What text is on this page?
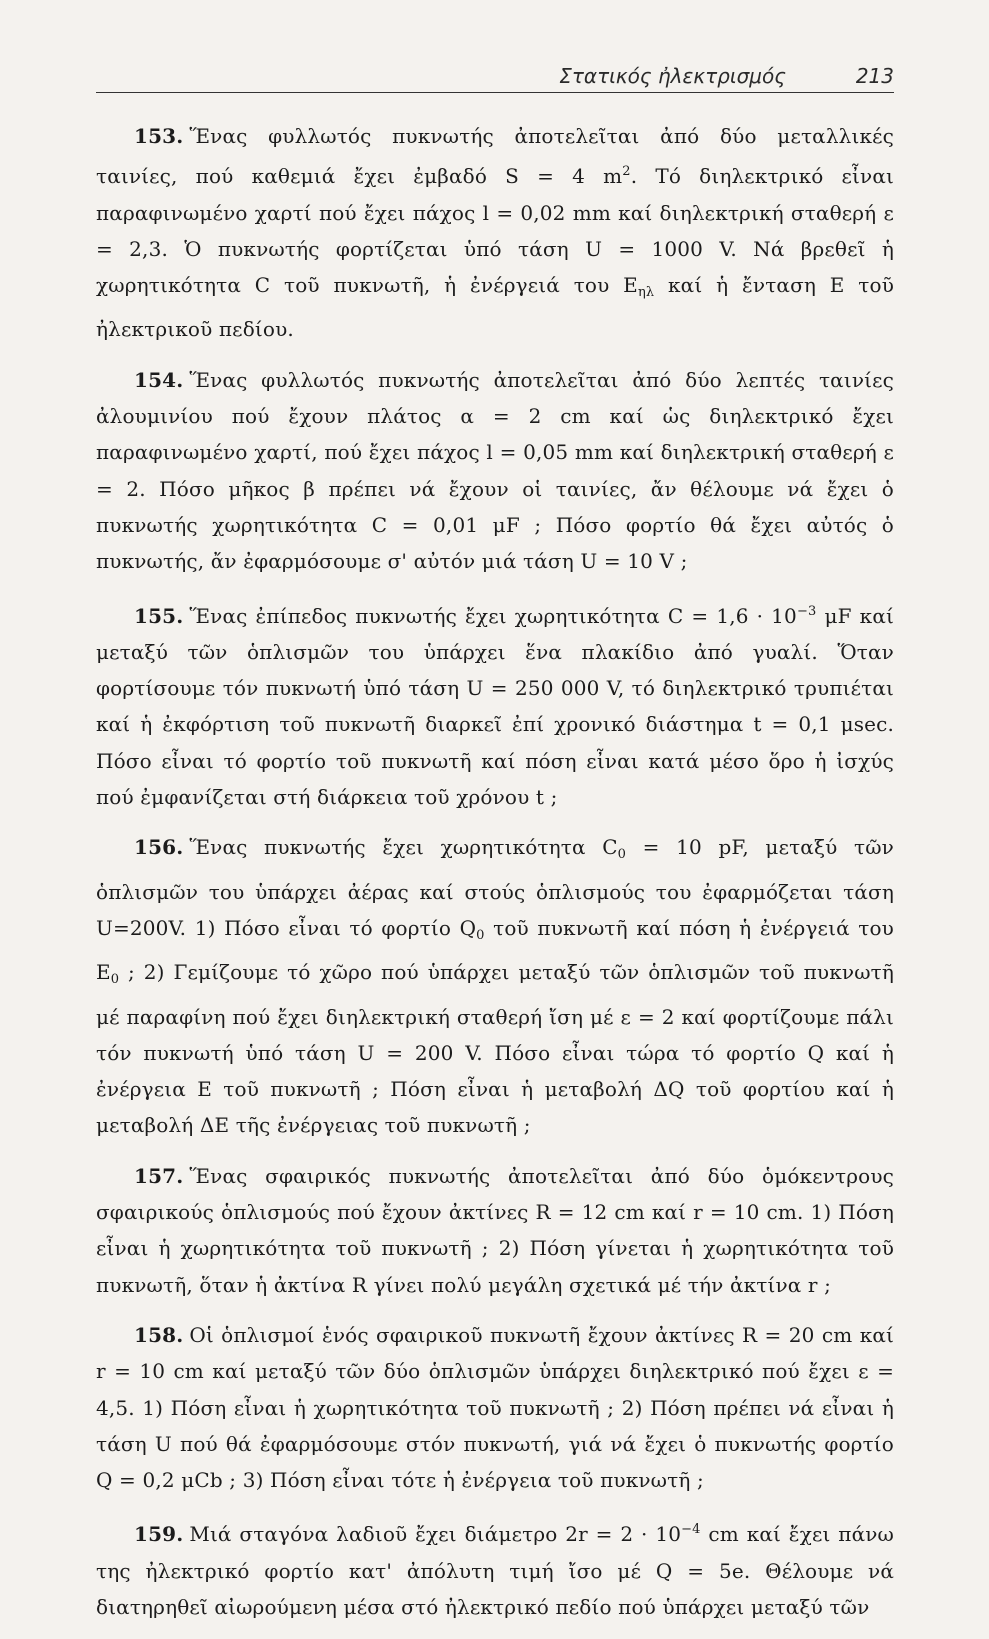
Στατικός ἠλεκτρισμός	213

153. Ἕνας φυλλωτός πυκνωτής ἀποτελεῖται ἀπό δύο μεταλλικές ταινίες, πού καθεμιά ἔχει ἐμβαδό S = 4 $m^2$. Τό διηλεκτρικό εἶναι παραφινωμένο χαρτί πού ἔχει πάχος l = 0,02 mm καί διηλεκτρική σταθερή ε = 2,3. Ὁ πυκνωτής φορτίζεται ὑπό τάση U = 1000 V. Νά βρεθεῖ ἡ χωρητικότητα C τοῦ πυκνωτῆ, ἡ ἐνέργειά του $E_{\eta\lambda}$ καί ἡ ἔνταση E τοῦ ἠλεκτρικοῦ πεδίου.

154. Ἕνας φυλλωτός πυκνωτής ἀποτελεῖται ἀπό δύο λεπτές ταινίες ἀλουμινίου πού ἔχουν πλάτος α = 2 cm καί ὡς διηλεκτρικό ἔχει παραφινωμένο χαρτί, πού ἔχει πάχος l = 0,05 mm καί διηλεκτρική σταθερή ε = 2. Πόσο μῆκος β πρέπει νά ἔχουν οἱ ταινίες, ἄν θέλουμε νά ἔχει ὁ πυκνωτής χωρητικότητα C = 0,01 μF ; Πόσο φορτίο θά ἔχει αὐτός ὁ πυκνωτής, ἄν ἐφαρμόσουμε σ' αὐτόν μιά τάση U = 10 V ;

155. Ἕνας ἐπίπεδος πυκνωτής ἔχει χωρητικότητα $C = 1,6 \cdot 10^{-3}$ μF καί μεταξύ τῶν ὁπλισμῶν του ὑπάρχει ἕνα πλακίδιο ἀπό γυαλί. Ὅταν φορτίσουμε τόν πυκνωτή ὑπό τάση U = 250 000 V, τό διηλεκτρικό τρυπιέται καί ἡ ἐκφόρτιση τοῦ πυκνωτῆ διαρκεῖ ἐπί χρονικό διάστημα t = 0,1 μsec. Πόσο εἶναι τό φορτίο τοῦ πυκνωτῆ καί πόση εἶναι κατά μέσο ὅρο ἡ ἰσχύς πού ἐμφανίζεται στή διάρκεια τοῦ χρόνου t ;

156. Ἕνας πυκνωτής ἔχει χωρητικότητα $C_0 = 10$ pF, μεταξύ τῶν ὁπλισμῶν του ὑπάρχει ἀέρας καί στούς ὁπλισμούς του ἐφαρμόζεται τάση U=200V. 1) Πόσο εἶναι τό φορτίο $Q_0$ τοῦ πυκνωτῆ καί πόση ἡ ἐνέργειά του $E_0$ ; 2) Γεμίζουμε τό χῶρο πού ὑπάρχει μεταξύ τῶν ὁπλισμῶν τοῦ πυκνωτῆ μέ παραφίνη πού ἔχει διηλεκτρική σταθερή ἴση μέ ε = 2 καί φορτίζουμε πάλι τόν πυκνωτή ὑπό τάση U = 200 V. Πόσο εἶναι τώρα τό φορτίο Q καί ἡ ἐνέργεια E τοῦ πυκνωτῆ ; Πόση εἶναι ἡ μεταβολή ΔQ τοῦ φορτίου καί ἡ μεταβολή ΔE τῆς ἐνέργειας τοῦ πυκνωτῆ ;

157. Ἕνας σφαιρικός πυκνωτής ἀποτελεῖται ἀπό δύο ὁμόκεντρους σφαιρικούς ὁπλισμούς πού ἔχουν ἀκτίνες R = 12 cm καί r = 10 cm. 1) Πόση εἶναι ἡ χωρητικότητα τοῦ πυκνωτῆ ; 2) Πόση γίνεται ἡ χωρητικότητα τοῦ πυκνωτῆ, ὅταν ἡ ἀκτίνα R γίνει πολύ μεγάλη σχετικά μέ τήν ἀκτίνα r ;

158. Οἱ ὁπλισμοί ἑνός σφαιρικοῦ πυκνωτῆ ἔχουν ἀκτίνες R = 20 cm καί r = 10 cm καί μεταξύ τῶν δύο ὁπλισμῶν ὑπάρχει διηλεκτρικό πού ἔχει ε = 4,5. 1) Πόση εἶναι ἡ χωρητικότητα τοῦ πυκνωτῆ ; 2) Πόση πρέπει νά εἶναι ἡ τάση U πού θά ἐφαρμόσουμε στόν πυκνωτή, γιά νά ἔχει ὁ πυκνωτής φορτίο Q = 0,2 μCb ; 3) Πόση εἶναι τότε ἡ ἐνέργεια τοῦ πυκνωτῆ ;

159. Μιά σταγόνα λαδιοῦ ἔχει διάμετρο $2r = 2 \cdot 10^{-4}$ cm καί ἔχει πάνω της ἠλεκτρικό φορτίο κατ' ἀπόλυτη τιμή ἴσο μέ Q = 5e. Θέλουμε νά διατηρηθεῖ αἰωρούμενη μέσα στό ἠλεκτρικό πεδίο πού ὑπάρχει μεταξύ τῶν
